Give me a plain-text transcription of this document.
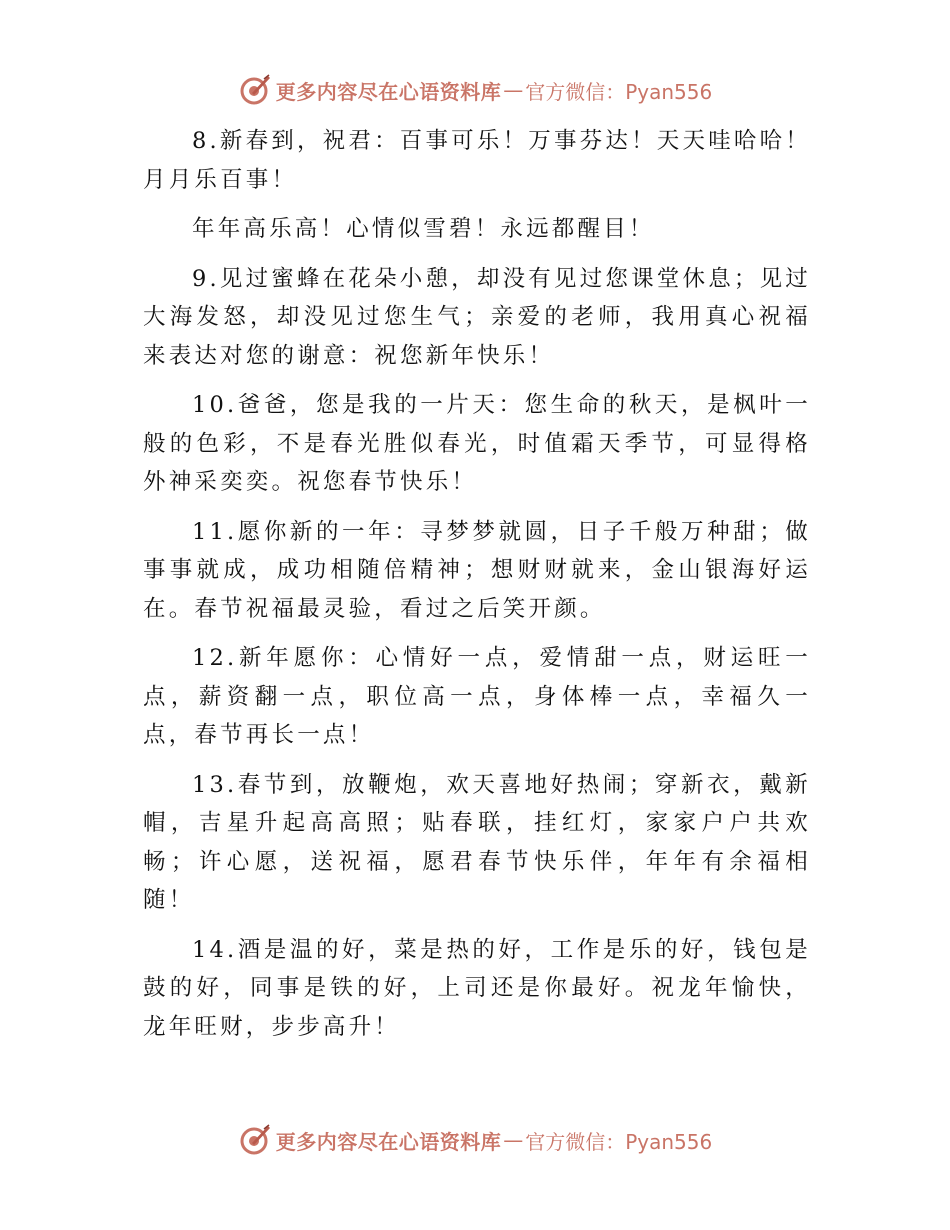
更多内容尽在心语资料库 — 官方微信：Pyan556

8.新春到，祝君：百事可乐！万事芬达！天天哇哈哈！月月乐百事！

年年高乐高！心情似雪碧！永远都醒目！

9.见过蜜蜂在花朵小憩，却没有见过您课堂休息；见过大海发怒，却没见过您生气；亲爱的老师，我用真心祝福来表达对您的谢意：祝您新年快乐！

10.爸爸，您是我的一片天：您生命的秋天，是枫叶一般的色彩，不是春光胜似春光，时值霜天季节，可显得格外神采奕奕。祝您春节快乐！

11.愿你新的一年：寻梦梦就圆，日子千般万种甜；做事事就成，成功相随倍精神；想财财就来，金山银海好运在。春节祝福最灵验，看过之后笑开颜。

12.新年愿你：心情好一点，爱情甜一点，财运旺一点，薪资翻一点，职位高一点，身体棒一点，幸福久一点，春节再长一点！

13.春节到，放鞭炮，欢天喜地好热闹；穿新衣，戴新帽，吉星升起高高照；贴春联，挂红灯，家家户户共欢畅；许心愿，送祝福，愿君春节快乐伴，年年有余福相随！

14.酒是温的好，菜是热的好，工作是乐的好，钱包是鼓的好，同事是铁的好，上司还是你最好。祝龙年愉快，龙年旺财，步步高升！

更多内容尽在心语资料库 — 官方微信：Pyan556
